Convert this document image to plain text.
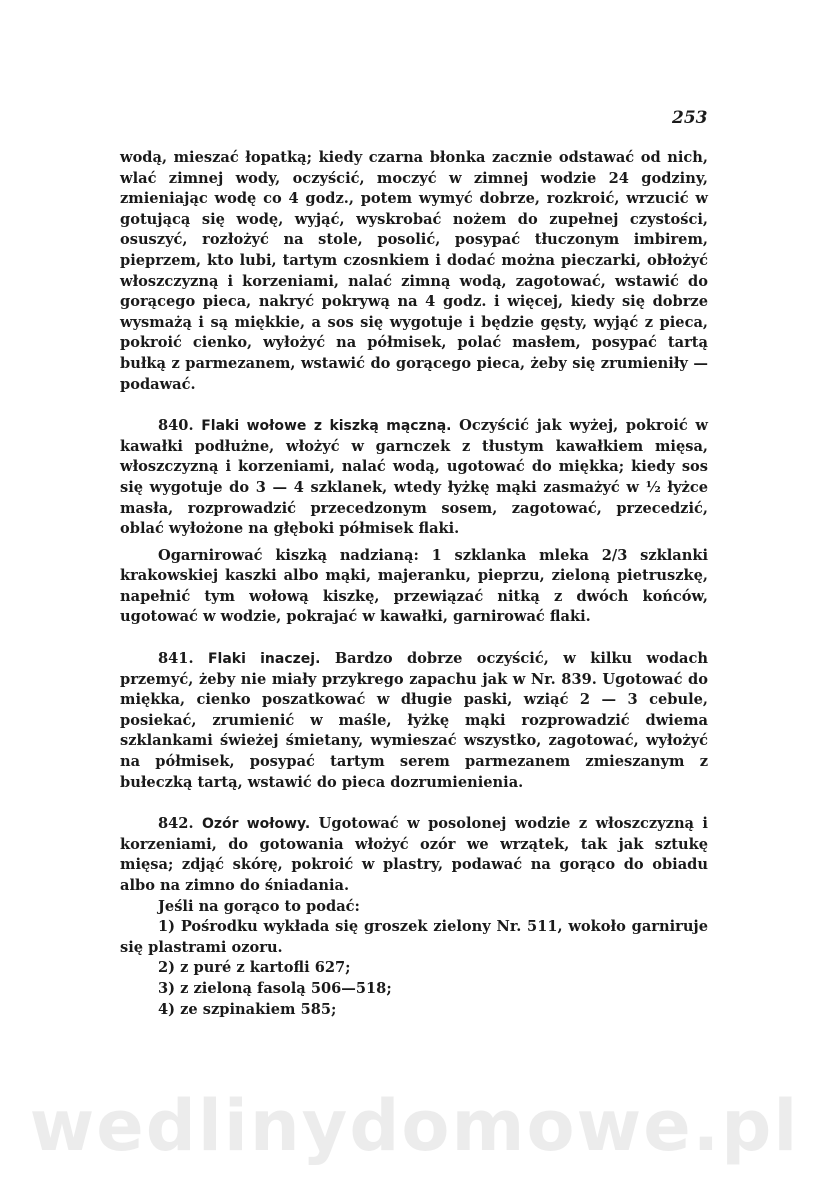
253

wodą, mieszać łopatką; kiedy czarna błonka zacznie odstawać od nich, wlać zimnej wody, oczyścić, moczyć w zimnej wodzie 24 godziny, zmieniając wodę co 4 godz., potem wymyć dobrze, rozkroić, wrzucić w gotującą się wodę, wyjąć, wyskrobać nożem do zupełnej czystości, osuszyć, rozłożyć na stole, posolić, posypać tłuczonym imbirem, pieprzem, kto lubi, tartym czosnkiem i dodać można pieczarki, obłożyć włoszczyzną i korzeniami, nalać zimną wodą, zagotować, wstawić do gorącego pieca, nakryć pokrywą na 4 godz. i więcej, kiedy się dobrze wysmażą i są miękkie, a sos się wygotuje i będzie gęsty, wyjąć z pieca, pokroić cienko, wyłożyć na półmisek, polać masłem, posypać tartą bułką z parmezanem, wstawić do gorącego pieca, żeby się zrumieniły — podawać.

840. Flaki wołowe z kiszką mączną. Oczyścić jak wyżej, pokroić w kawałki podłużne, włożyć w garnczek z tłustym kawałkiem mięsa, włoszczyzną i korzeniami, nalać wodą, ugotować do miękka; kiedy sos się wygotuje do 3 — 4 szklanek, wtedy łyżkę mąki zasmażyć w ½ łyżce masła, rozprowadzić przecedzonym sosem, zagotować, przecedzić, oblać wyłożone na głęboki półmisek flaki.

Ogarnirować kiszką nadzianą: 1 szklanka mleka 2/3 szklanki krakowskiej kaszki albo mąki, majeranku, pieprzu, zieloną pietruszkę, napełnić tym wołową kiszkę, przewiązać nitką z dwóch końców, ugotować w wodzie, pokrajać w kawałki, garnirować flaki.

841. Flaki inaczej. Bardzo dobrze oczyścić, w kilku wodach przemyć, żeby nie miały przykrego zapachu jak w Nr. 839. Ugotować do miękka, cienko poszatkować w długie paski, wziąć 2 — 3 cebule, posiekać, zrumienić w maśle, łyżkę mąki rozprowadzić dwiema szklankami świeżej śmietany, wymieszać wszystko, zagotować, wyłożyć na półmisek, posypać tartym serem parmezanem zmieszanym z bułeczką tartą, wstawić do pieca dozrumienienia.

842. Ozór wołowy. Ugotować w posolonej wodzie z włoszczyzną i korzeniami, do gotowania włożyć ozór we wrzątek, tak jak sztukę mięsa; zdjąć skórę, pokroić w plastry, podawać na gorąco do obiadu albo na zimno do śniadania.

Jeśli na gorąco to podać:

1) Pośrodku wykłada się groszek zielony Nr. 511, wokoło garniruje się plastrami ozoru.

2) z puré z kartofli 627;

3) z zieloną fasolą 506—518;

4) ze szpinakiem 585;

wedlinydomowe.pl
